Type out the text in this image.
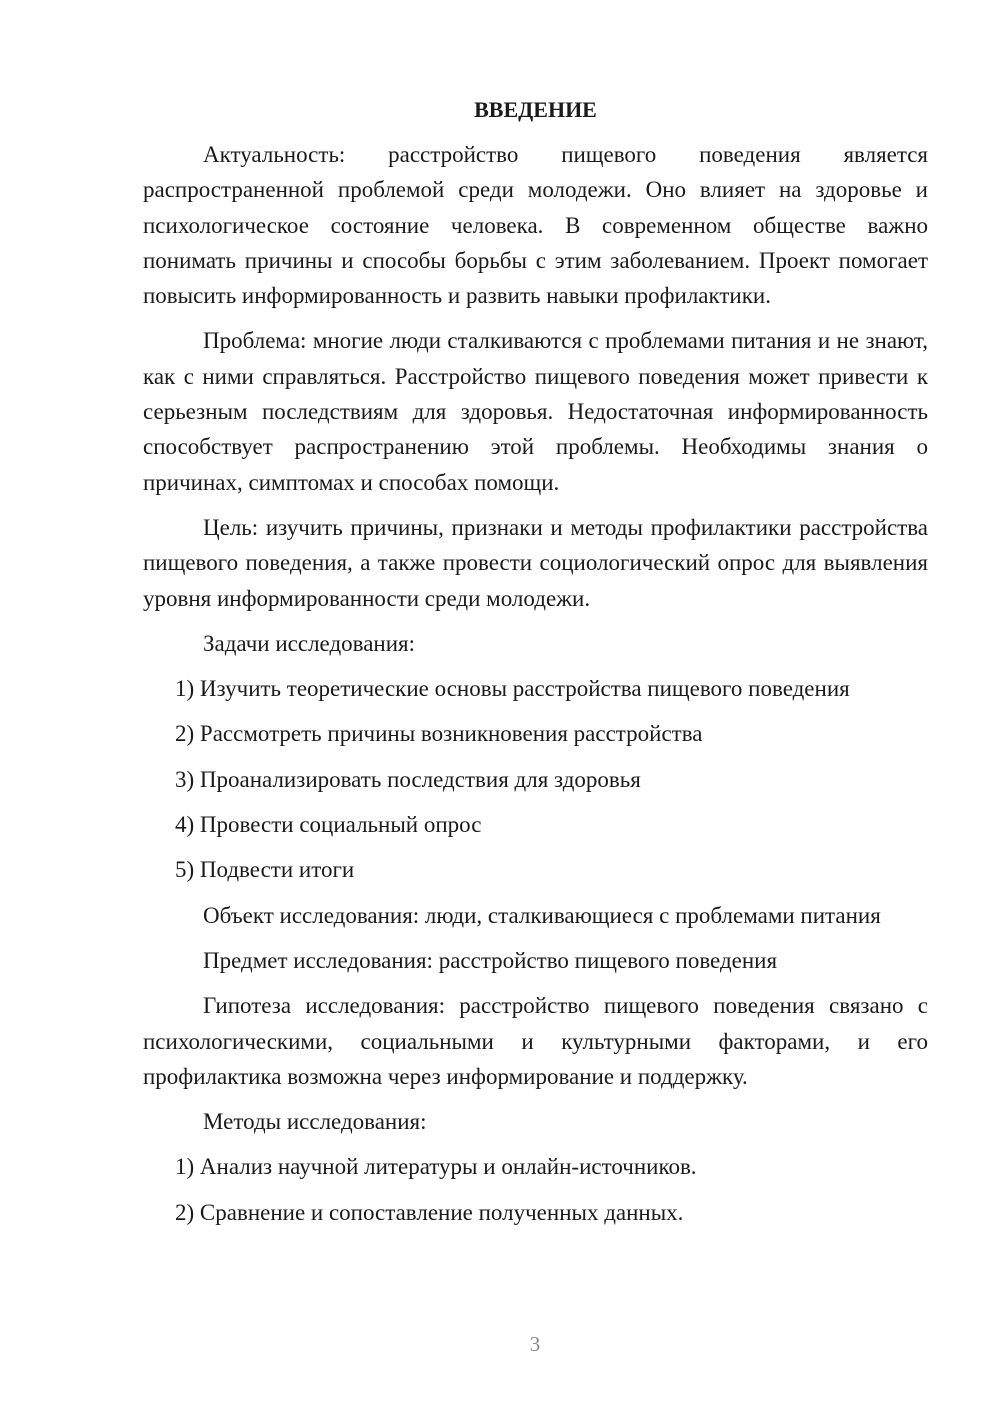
ВВЕДЕНИЕ

Актуальность: расстройство пищевого поведения является распространенной проблемой среди молодежи. Оно влияет на здоровье и психологическое состояние человека. В современном обществе важно понимать причины и способы борьбы с этим заболеванием. Проект помогает повысить информированность и развить навыки профилактики.

Проблема: многие люди сталкиваются с проблемами питания и не знают, как с ними справляться. Расстройство пищевого поведения может привести к серьезным последствиям для здоровья. Недостаточная информированность способствует распространению этой проблемы. Необходимы знания о причинах, симптомах и способах помощи.

Цель: изучить причины, признаки и методы профилактики расстройства пищевого поведения, а также провести социологический опрос для выявления уровня информированности среди молодежи.

Задачи исследования:

1) Изучить теоретические основы расстройства пищевого поведения

2) Рассмотреть причины возникновения расстройства

3) Проанализировать последствия для здоровья

4) Провести социальный опрос

5) Подвести итоги

Объект исследования: люди, сталкивающиеся с проблемами питания

Предмет исследования: расстройство пищевого поведения

Гипотеза исследования: расстройство пищевого поведения связано с психологическими, социальными и культурными факторами, и его профилактика возможна через информирование и поддержку.

Методы исследования:

1) Анализ научной литературы и онлайн-источников.

2) Сравнение и сопоставление полученных данных.

3
